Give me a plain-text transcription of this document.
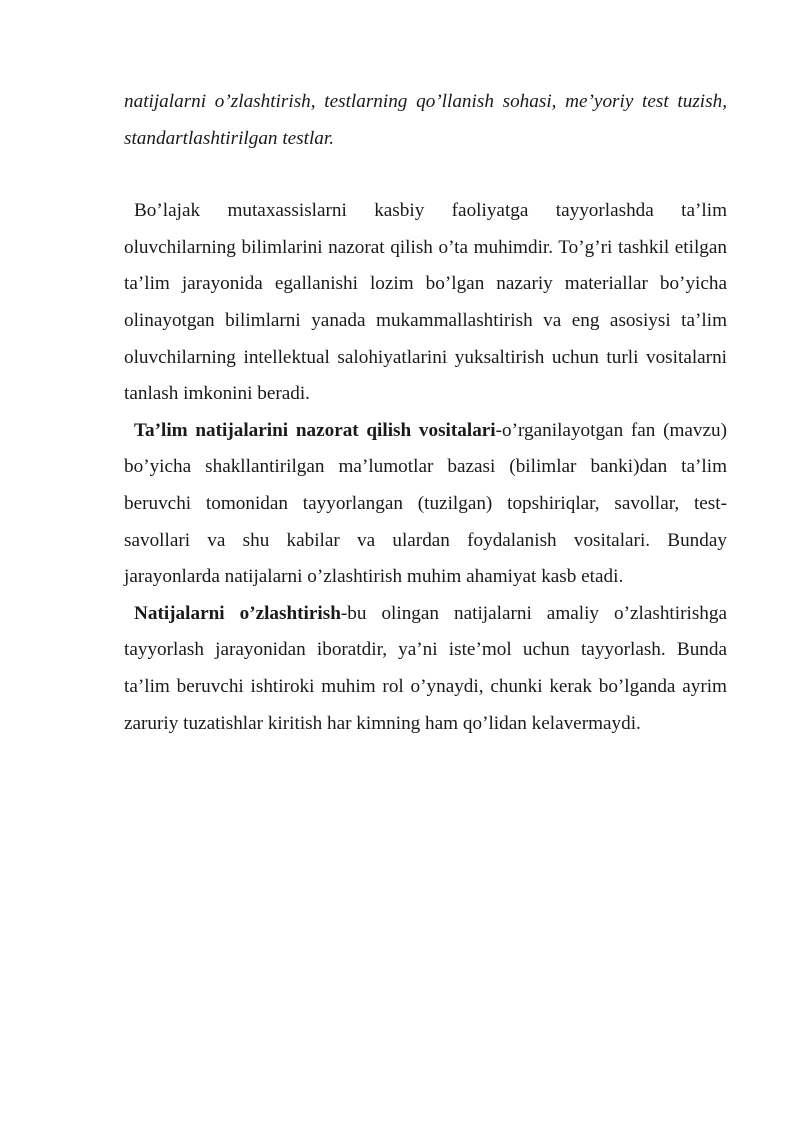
natijalarni o’zlashtirish, testlarning qo’llanish sohasi, me’yoriy test tuzish, standartlashtirilgan testlar.

Bo’lajak mutaxassislarni kasbiy faoliyatga tayyorlashda ta’lim oluvchilarning bilimlarini nazorat qilish o’ta muhimdir. To’g’ri tashkil etilgan ta’lim jarayonida egallanishi lozim bo’lgan nazariy materiallar bo’yicha olinayotgan bilimlarni yanada mukammallashtirish va eng asosiysi ta’lim oluvchilarning intellektual salohiyatlarini yuksaltirish uchun turli vositalarni tanlash imkonini beradi.

Ta’lim natijalarini nazorat qilish vositalari-o’rganilayotgan fan (mavzu) bo’yicha shakllantirilgan ma’lumotlar bazasi (bilimlar banki)dan ta’lim beruvchi tomonidan tayyorlangan (tuzilgan) topshiriqlar, savollar, test-savollari va shu kabilar va ulardan foydalanish vositalari. Bunday jarayonlarda natijalarni o’zlashtirish muhim ahamiyat kasb etadi.

Natijalarni o’zlashtirish-bu olingan natijalarni amaliy o’zlashtirishga tayyorlash jarayonidan iboratdir, ya’ni iste’mol uchun tayyorlash. Bunda ta’lim beruvchi ishtiroki muhim rol o’ynaydi, chunki kerak bo’lganda ayrim zaruriy tuzatishlar kiritish har kimning ham qo’lidan kelavermaydi.
